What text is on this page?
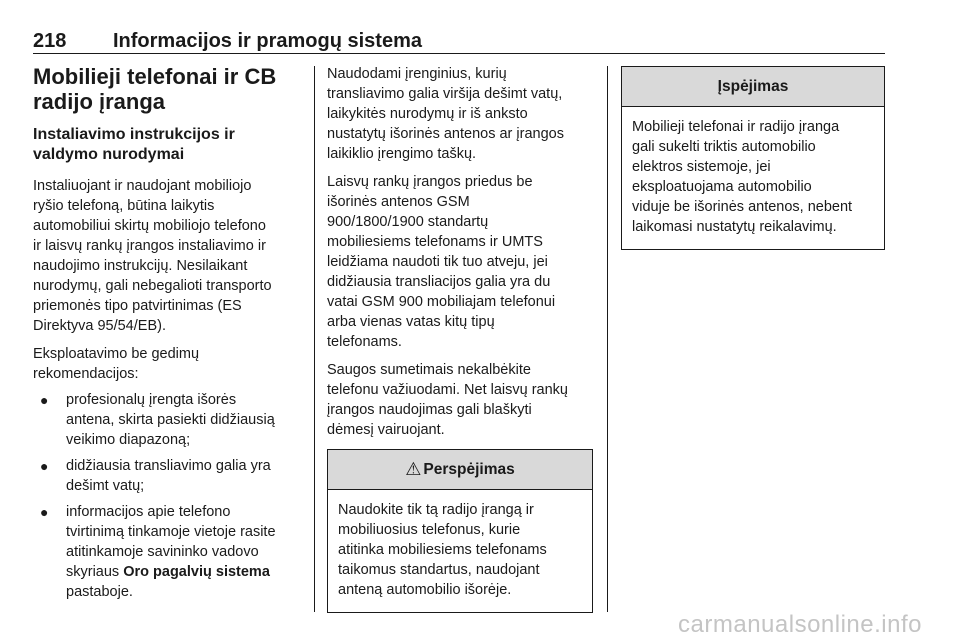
218 Informacijos ir pramogų sistema
Mobilieji telefonai ir CB
radijo įranga
Instaliavimo instrukcijos ir
valdymo nurodymai
Instaliuojant ir naudojant mobiliojo
ryšio telefoną, būtina laikytis
automobiliui skirtų mobiliojo telefono
ir laisvų rankų įrangos instaliavimo ir
naudojimo instrukcijų. Nesilaikant
nurodymų, gali nebegalioti transporto
priemonės tipo patvirtinimas (ES
Direktyva 95/54/EB).
Eksploatavimo be gedimų
rekomendacijos:
● profesionalų įrengta išorės
antena, skirta pasiekti didžiausią
veikimo diapazoną;
● didžiausia transliavimo galia yra
dešimt vatų;
● informacijos apie telefono
tvirtinimą tinkamoje vietoje rasite
atitinkamoje savininko vadovo
skyriaus Oro pagalvių sistema
pastaboje.
Naudodami įrenginius, kurių
transliavimo galia viršija dešimt vatų,
laikykitės nurodymų ir iš anksto
nustatytų išorinės antenos ar įrangos
laikiklio įrengimo taškų.
Laisvų rankų įrangos priedus be
išorinės antenos GSM
900/1800/1900 standartų
mobiliesiems telefonams ir UMTS
leidžiama naudoti tik tuo atveju, jei
didžiausia transliacijos galia yra du
vatai GSM 900 mobiliajam telefonui
arba vienas vatas kitų tipų
telefonams.
Saugos sumetimais nekalbėkite
telefonu važiuodami. Net laisvų rankų
įrangos naudojimas gali blaškyti
dėmesį vairuojant.
⚠ Perspėjimas
Naudokite tik tą radijo įrangą ir
mobiliuosius telefonus, kurie
atitinka mobiliesiems telefonams
taikomus standartus, naudojant
anteną automobilio išorėje.
Įspėjimas
Mobilieji telefonai ir radijo įranga
gali sukelti triktis automobilio
elektros sistemoje, jei
eksploatuojama automobilio
viduje be išorinės antenos, nebent
laikomasi nustatytų reikalavimų.
carmanualsonline.info
